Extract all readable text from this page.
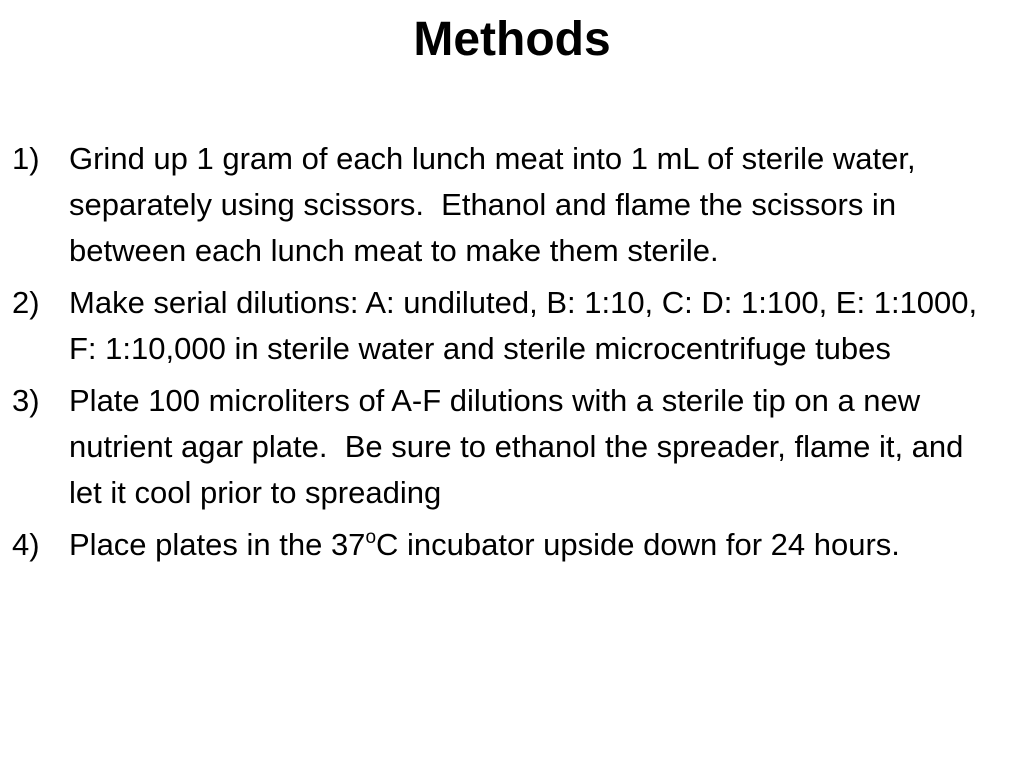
Methods
1) Grind up 1 gram of each lunch meat into 1 mL of sterile water, separately using scissors.  Ethanol and flame the scissors in between each lunch meat to make them sterile.
2) Make serial dilutions: A: undiluted, B: 1:10, C: D: 1:100, E: 1:1000, F: 1:10,000 in sterile water and sterile microcentrifuge tubes
3) Plate 100 microliters of A-F dilutions with a sterile tip on a new nutrient agar plate.  Be sure to ethanol the spreader, flame it, and let it cool prior to spreading
4) Place plates in the 37$^o$C incubator upside down for 24 hours.
